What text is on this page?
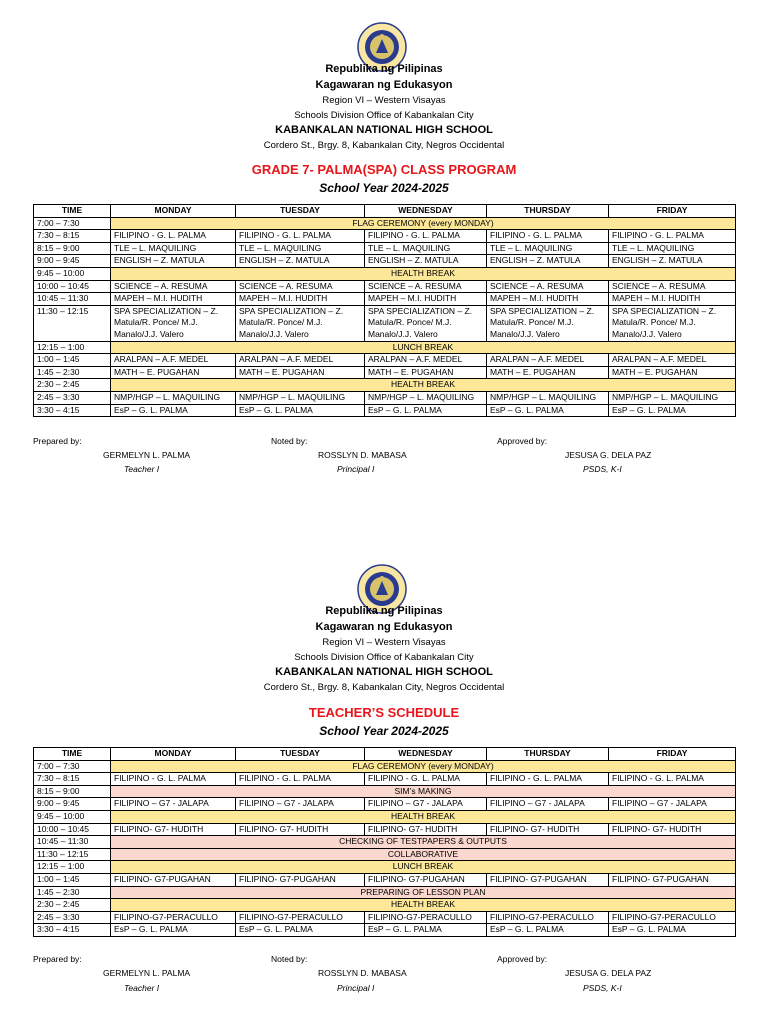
Republika ng Pilipinas
Kagawaran ng Edukasyon
Region VI – Western Visayas
Schools Division Office of Kabankalan City
KABANKALAN NATIONAL HIGH SCHOOL
Cordero St., Brgy. 8, Kabankalan City, Negros Occidental
GRADE 7- PALMA(SPA) CLASS PROGRAM
School Year 2024-2025
TIME	MONDAY	TUESDAY	WEDNESDAY	THURSDAY	FRIDAY
7:00 – 7:30	FLAG CEREMONY (every MONDAY)				
7:30 – 8:15	FILIPINO - G. L. PALMA	FILIPINO - G. L. PALMA	FILIPINO - G. L. PALMA	FILIPINO - G. L. PALMA	FILIPINO - G. L. PALMA
8:15 – 9:00	TLE – L. MAQUILING	TLE – L. MAQUILING	TLE – L. MAQUILING	TLE – L. MAQUILING	TLE – L. MAQUILING
9:00 – 9:45	ENGLISH – Z. MATULA	ENGLISH – Z. MATULA	ENGLISH – Z. MATULA	ENGLISH – Z. MATULA	ENGLISH – Z. MATULA
9:45 – 10:00	HEALTH BREAK				
10:00 – 10:45	SCIENCE – A. RESUMA	SCIENCE – A. RESUMA	SCIENCE – A. RESUMA	SCIENCE – A. RESUMA	SCIENCE – A. RESUMA
10:45 – 11:30	MAPEH – M.I. HUDITH	MAPEH – M.I. HUDITH	MAPEH – M.I. HUDITH	MAPEH – M.I. HUDITH	MAPEH – M.I. HUDITH
11:30 – 12:15	SPA SPECIALIZATION – Z. Matula/R. Ponce/ M.J. Manalo/J.J. Valero	SPA SPECIALIZATION – Z. Matula/R. Ponce/ M.J. Manalo/J.J. Valero	SPA SPECIALIZATION – Z. Matula/R. Ponce/ M.J. Manalo/J.J. Valero	SPA SPECIALIZATION – Z. Matula/R. Ponce/ M.J. Manalo/J.J. Valero	SPA SPECIALIZATION – Z. Matula/R. Ponce/ M.J. Manalo/J.J. Valero
12:15 – 1:00	LUNCH BREAK				
1:00 – 1:45	ARALPAN – A.F. MEDEL	ARALPAN – A.F. MEDEL	ARALPAN – A.F. MEDEL	ARALPAN – A.F. MEDEL	ARALPAN – A.F. MEDEL
1:45 – 2:30	MATH – E. PUGAHAN	MATH – E. PUGAHAN	MATH – E. PUGAHAN	MATH – E. PUGAHAN	MATH – E. PUGAHAN
2:30 – 2:45	HEALTH BREAK				
2:45 – 3:30	NMP/HGP – L. MAQUILING	NMP/HGP – L. MAQUILING	NMP/HGP – L. MAQUILING	NMP/HGP – L. MAQUILING	NMP/HGP – L. MAQUILING
3:30 – 4:15	EsP – G. L. PALMA	EsP – G. L. PALMA	EsP – G. L. PALMA	EsP – G. L. PALMA	EsP – G. L. PALMA
Prepared by:
GERMELYN L. PALMA
Teacher I
Noted by:
ROSSLYN D. MABASA
Principal I
Approved by:
JESUSA G. DELA PAZ
PSDS, K-I
Republika ng Pilipinas
Kagawaran ng Edukasyon
Region VI – Western Visayas
Schools Division Office of Kabankalan City
KABANKALAN NATIONAL HIGH SCHOOL
Cordero St., Brgy. 8, Kabankalan City, Negros Occidental
TEACHER’S SCHEDULE
School Year 2024-2025
TIME	MONDAY	TUESDAY	WEDNESDAY	THURSDAY	FRIDAY
7:00 – 7:30	FLAG CEREMONY (every MONDAY)				
7:30 – 8:15	FILIPINO - G. L. PALMA	FILIPINO - G. L. PALMA	FILIPINO - G. L. PALMA	FILIPINO - G. L. PALMA	FILIPINO - G. L. PALMA
8:15 – 9:00	SIM’s MAKING				
9:00 – 9:45	FILIPINO – G7 - JALAPA	FILIPINO – G7 - JALAPA	FILIPINO – G7 - JALAPA	FILIPINO – G7 - JALAPA	FILIPINO – G7 - JALAPA
9:45 – 10:00	HEALTH BREAK				
10:00 – 10:45	FILIPINO- G7- HUDITH	FILIPINO- G7- HUDITH	FILIPINO- G7- HUDITH	FILIPINO- G7- HUDITH	FILIPINO- G7- HUDITH
10:45 – 11:30	CHECKING OF TESTPAPERS & OUTPUTS				
11:30 – 12:15	COLLABORATIVE				
12:15 – 1:00	LUNCH BREAK				
1:00 – 1:45	FILIPINO- G7-PUGAHAN	FILIPINO- G7-PUGAHAN	FILIPINO- G7-PUGAHAN	FILIPINO- G7-PUGAHAN	FILIPINO- G7-PUGAHAN
1:45 – 2:30	PREPARING OF LESSON PLAN				
2:30 – 2:45	HEALTH BREAK				
2:45 – 3:30	FILIPINO-G7-PERACULLO	FILIPINO-G7-PERACULLO	FILIPINO-G7-PERACULLO	FILIPINO-G7-PERACULLO	FILIPINO-G7-PERACULLO
3:30 – 4:15	EsP – G. L. PALMA	EsP – G. L. PALMA	EsP – G. L. PALMA	EsP – G. L. PALMA	EsP – G. L. PALMA
Prepared by:
GERMELYN L. PALMA
Teacher I
Noted by:
ROSSLYN D. MABASA
Principal I
Approved by:
JESUSA G. DELA PAZ
PSDS, K-I
